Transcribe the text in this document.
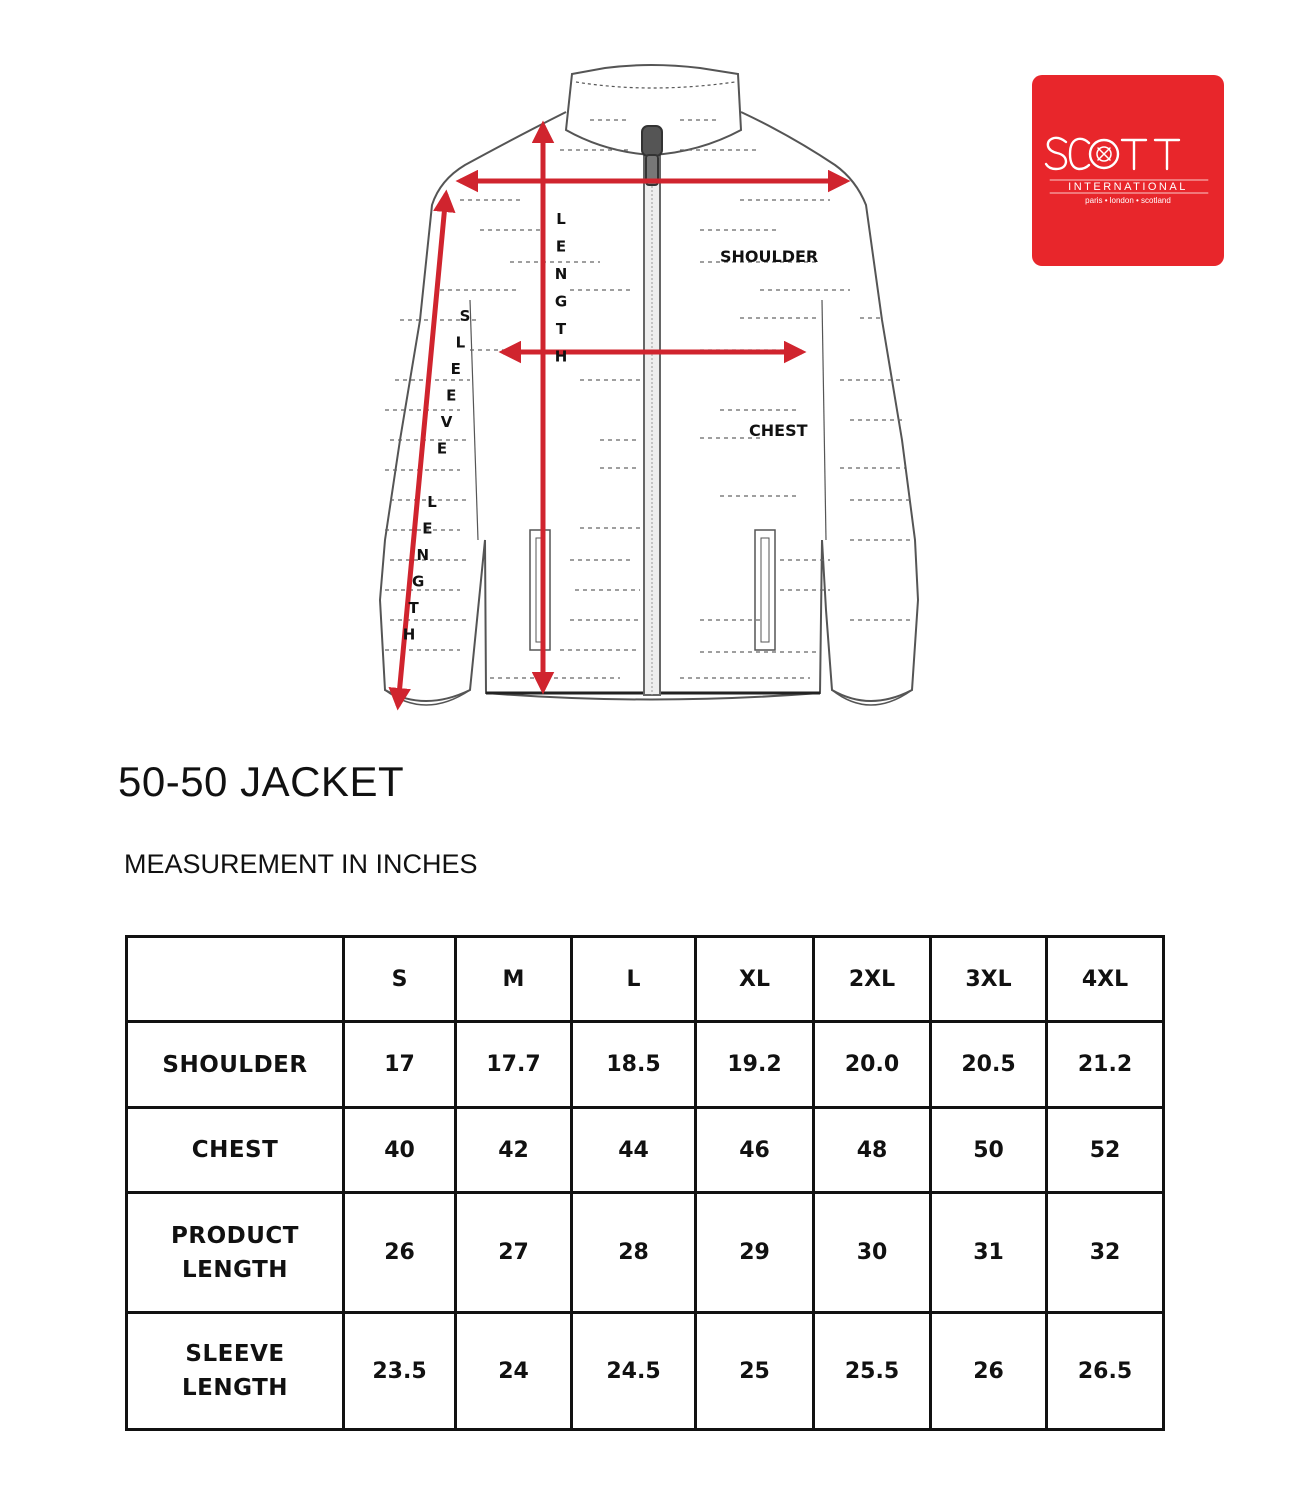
SHOULDER
CHEST
L
E
N
G
T
H
S
L
E
E
V
E
L
E
N
G
T
H
INTERNATIONAL
paris • london • scotland
50-50 JACKET

MEASUREMENT IN INCHES

	S	M	L	XL	2XL	3XL	4XL

SHOULDER	17	17.7	18.5	19.2	20.0	20.5	21.2

CHEST	40	42	44	46	48	50	52

PRODUCT
LENGTH	26	27	28	29	30	31	32

SLEEVE
LENGTH	23.5	24	24.5	25	25.5	26	26.5
